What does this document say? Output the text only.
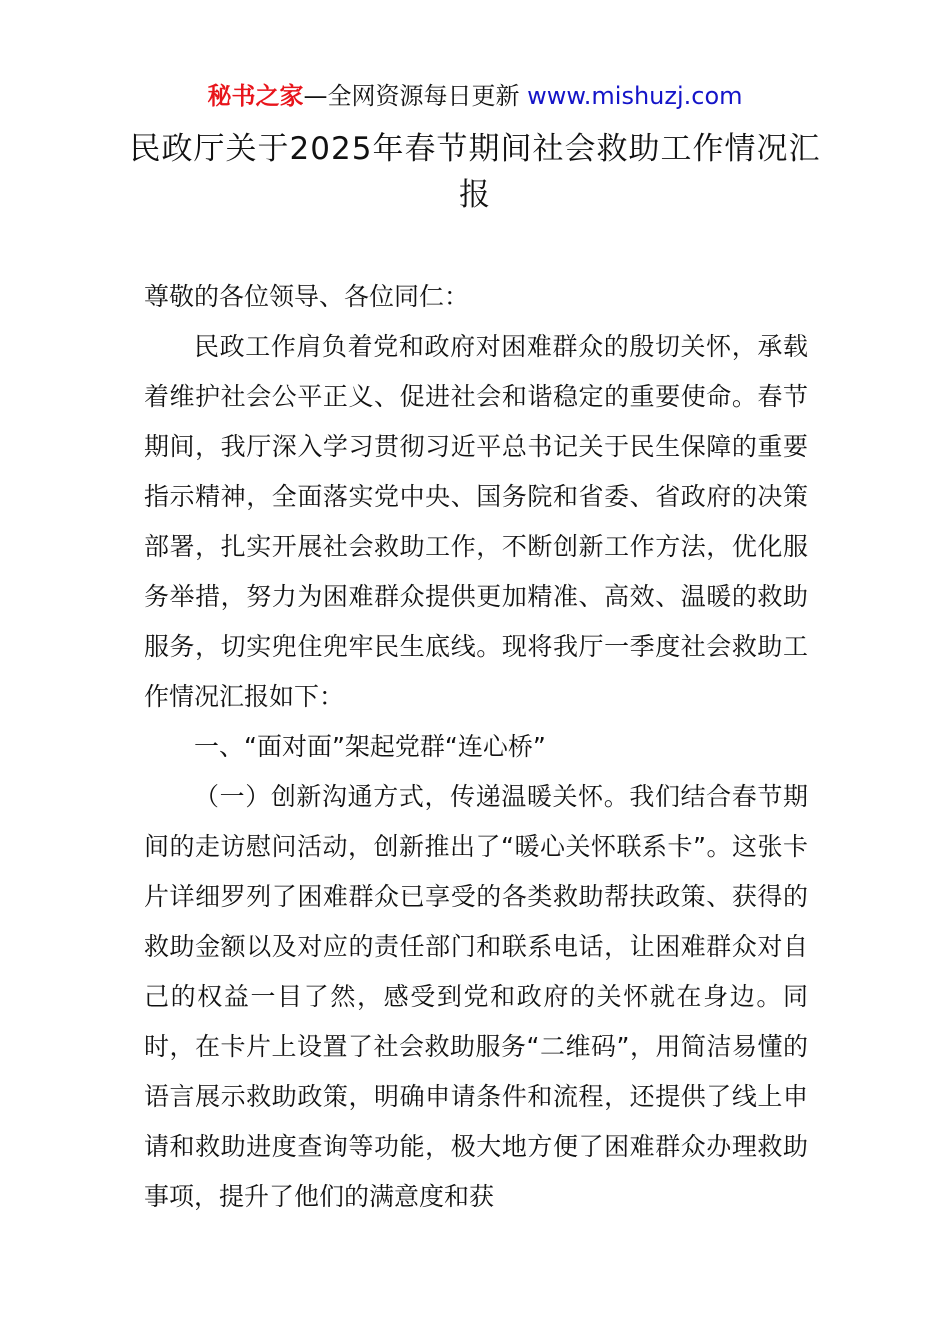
秘书之家—全网资源每日更新 www.mishuzj.com
民政厅关于2025年春节期间社会救助工作情况汇报

尊敬的各位领导、各位同仁：

民政工作肩负着党和政府对困难群众的殷切关怀，承载着维护社会公平正义、促进社会和谐稳定的重要使命。春节期间，我厅深入学习贯彻习近平总书记关于民生保障的重要指示精神，全面落实党中央、国务院和省委、省政府的决策部署，扎实开展社会救助工作，不断创新工作方法，优化服务举措，努力为困难群众提供更加精准、高效、温暖的救助服务，切实兜住兜牢民生底线。现将我厅一季度社会救助工作情况汇报如下：

一、“面对面”架起党群“连心桥”

（一）创新沟通方式，传递温暖关怀。我们结合春节期间的走访慰问活动，创新推出了“暖心关怀联系卡”。这张卡片详细罗列了困难群众已享受的各类救助帮扶政策、获得的救助金额以及对应的责任部门和联系电话，让困难群众对自己的权益一目了然，感受到党和政府的关怀就在身边。同时，在卡片上设置了社会救助服务“二维码”，用简洁易懂的语言展示救助政策，明确申请条件和流程，还提供了线上申请和救助进度查询等功能，极大地方便了困难群众办理救助事项，提升了他们的满意度和获
